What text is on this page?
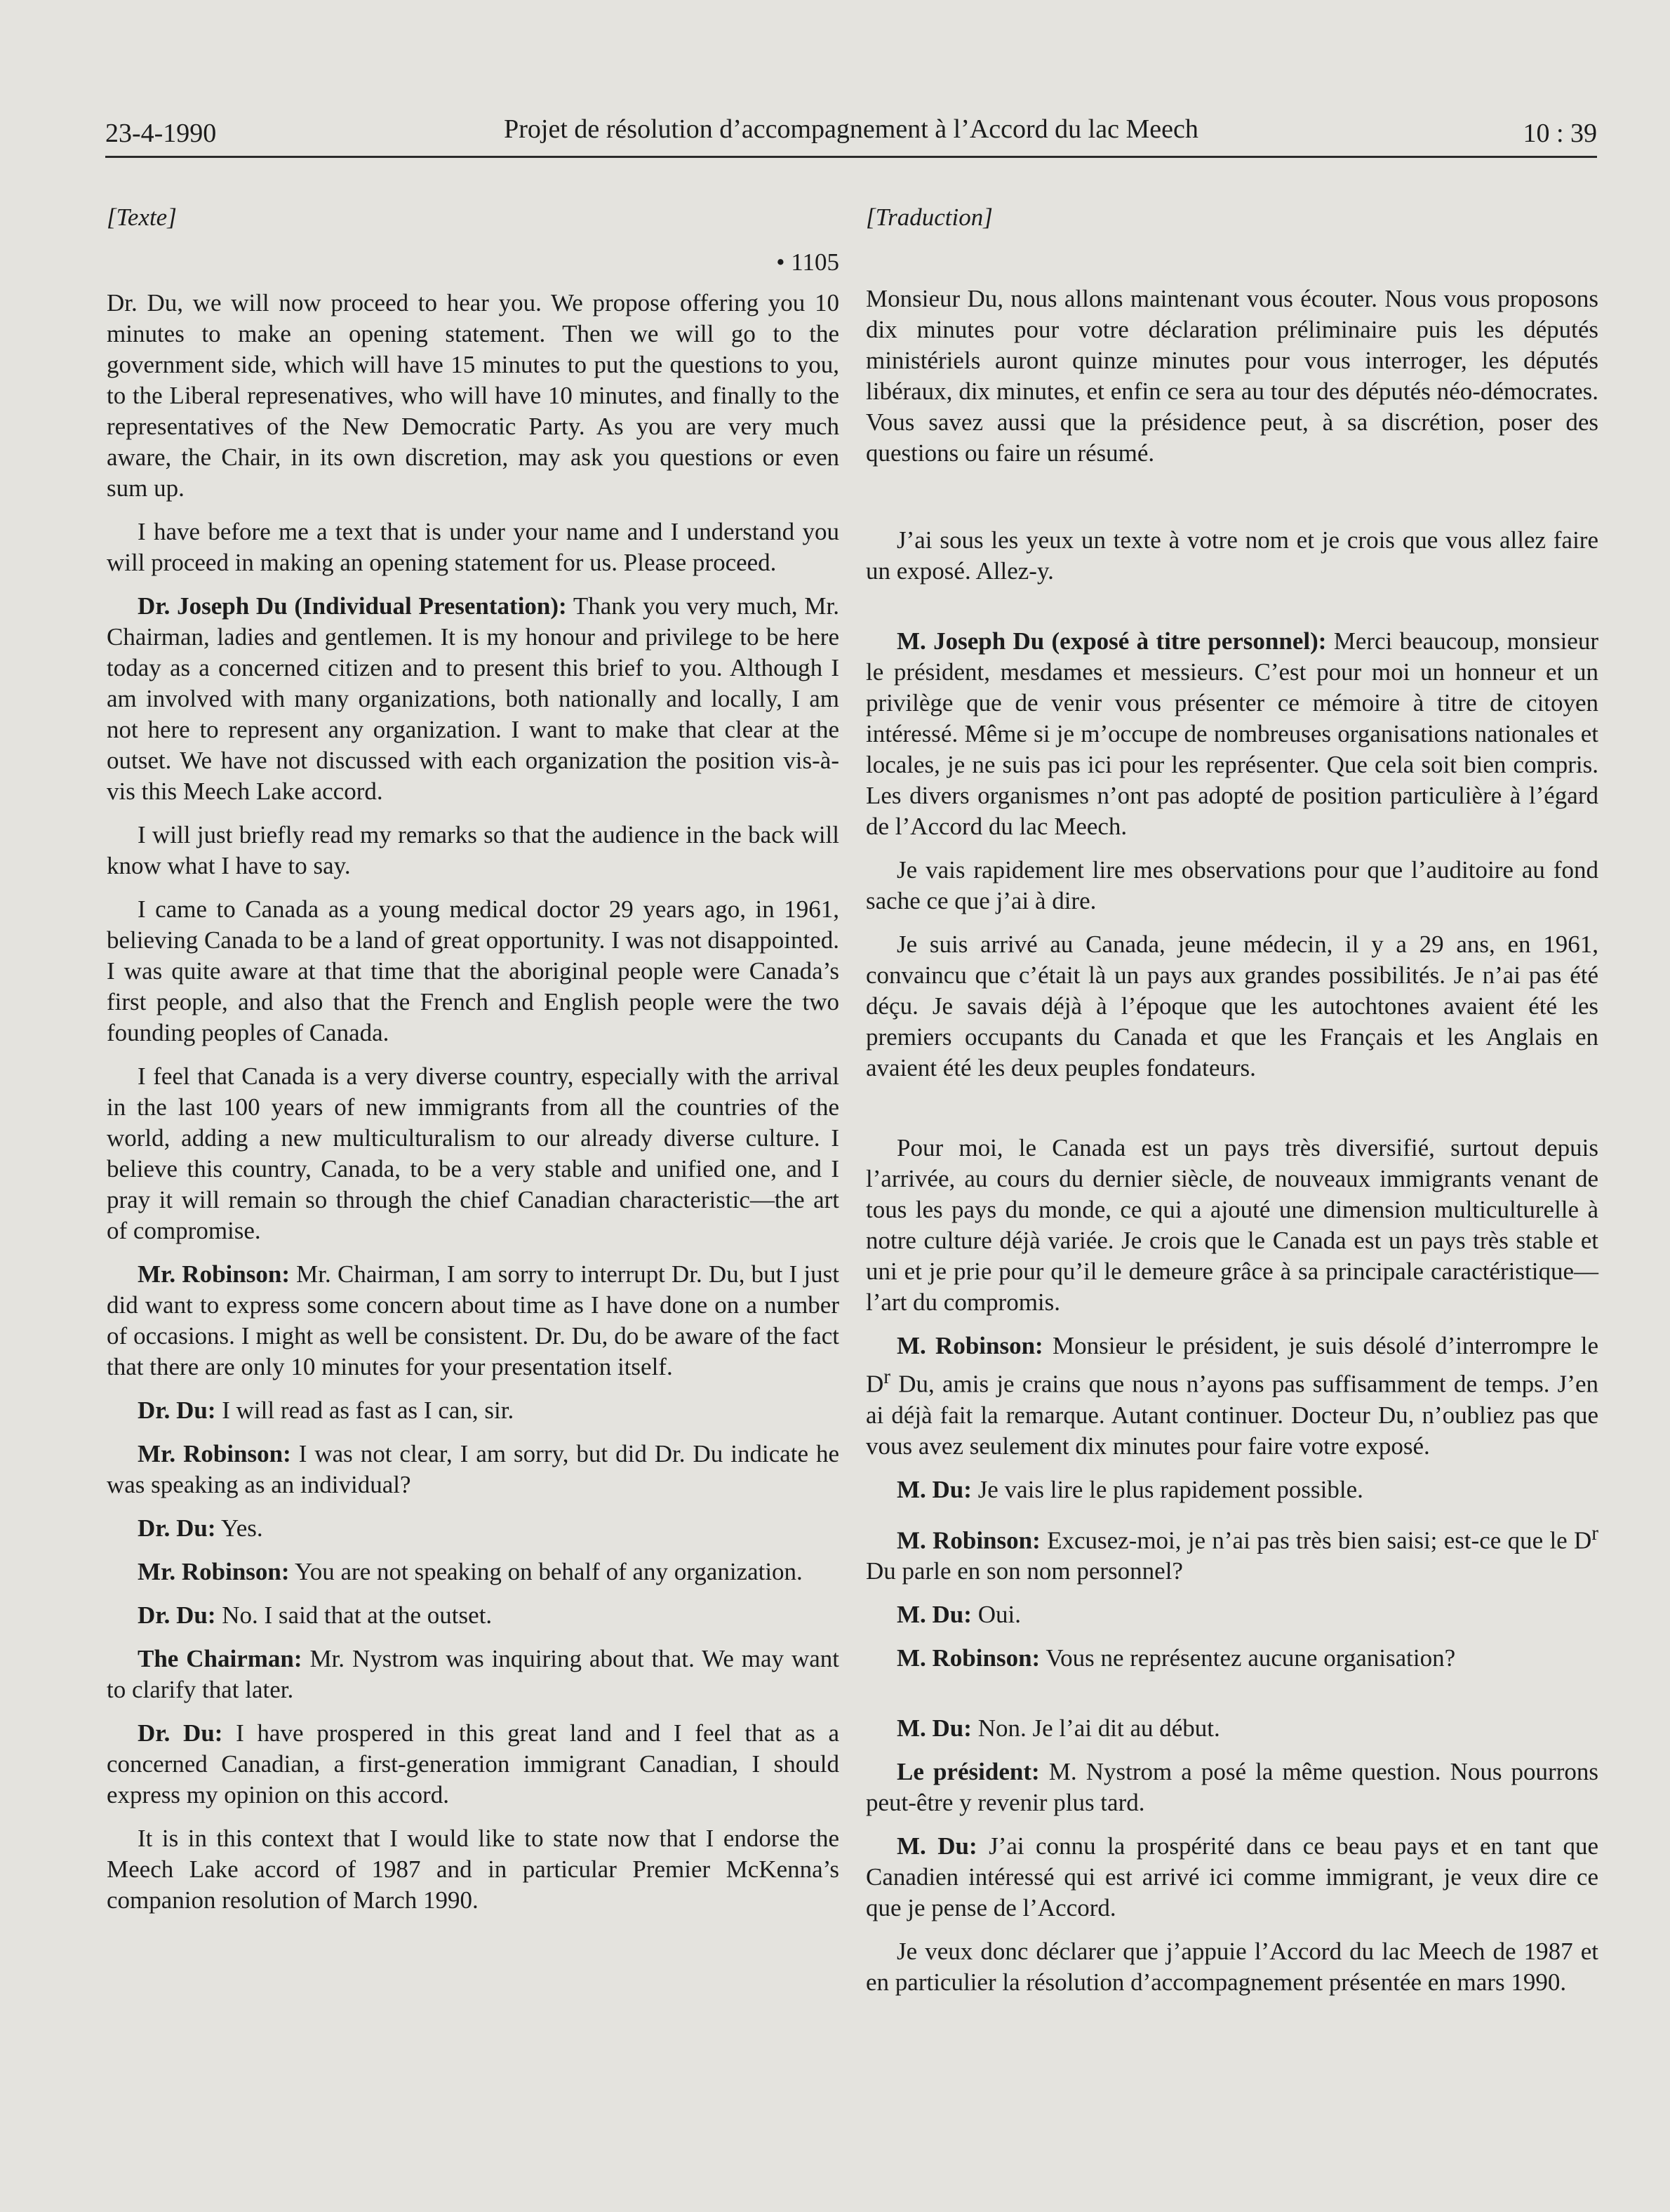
23-4-1990	Projet de résolution d’accompagnement à l’Accord du lac Meech	10 : 39
[Texte]
• 1105

Dr. Du, we will now proceed to hear you. We propose offering you 10 minutes to make an opening statement. Then we will go to the government side, which will have 15 minutes to put the questions to you, to the Liberal represenatives, who will have 10 minutes, and finally to the representatives of the New Democratic Party. As you are very much aware, the Chair, in its own discretion, may ask you questions or even sum up.

I have before me a text that is under your name and I understand you will proceed in making an opening statement for us. Please proceed.

Dr. Joseph Du (Individual Presentation): Thank you very much, Mr. Chairman, ladies and gentlemen. It is my honour and privilege to be here today as a concerned citizen and to present this brief to you. Although I am involved with many organizations, both nationally and locally, I am not here to represent any organization. I want to make that clear at the outset. We have not discussed with each organization the position vis-à-vis this Meech Lake accord.

I will just briefly read my remarks so that the audience in the back will know what I have to say.

I came to Canada as a young medical doctor 29 years ago, in 1961, believing Canada to be a land of great opportunity. I was not disappointed. I was quite aware at that time that the aboriginal people were Canada’s first people, and also that the French and English people were the two founding peoples of Canada.

I feel that Canada is a very diverse country, especially with the arrival in the last 100 years of new immigrants from all the countries of the world, adding a new multiculturalism to our already diverse culture. I believe this country, Canada, to be a very stable and unified one, and I pray it will remain so through the chief Canadian characteristic—the art of compromise.

Mr. Robinson: Mr. Chairman, I am sorry to interrupt Dr. Du, but I just did want to express some concern about time as I have done on a number of occasions. I might as well be consistent. Dr. Du, do be aware of the fact that there are only 10 minutes for your presentation itself.

Dr. Du: I will read as fast as I can, sir.

Mr. Robinson: I was not clear, I am sorry, but did Dr. Du indicate he was speaking as an individual?

Dr. Du: Yes.

Mr. Robinson: You are not speaking on behalf of any organization.

Dr. Du: No. I said that at the outset.

The Chairman: Mr. Nystrom was inquiring about that. We may want to clarify that later.

Dr. Du: I have prospered in this great land and I feel that as a concerned Canadian, a first-generation immigrant Canadian, I should express my opinion on this accord.

It is in this context that I would like to state now that I endorse the Meech Lake accord of 1987 and in particular Premier McKenna’s companion resolution of March 1990.

[Traduction]

Monsieur Du, nous allons maintenant vous écouter. Nous vous proposons dix minutes pour votre déclaration préliminaire puis les députés ministériels auront quinze minutes pour vous interroger, les députés libéraux, dix minutes, et enfin ce sera au tour des députés néo-démocrates. Vous savez aussi que la présidence peut, à sa discrétion, poser des questions ou faire un résumé.

J’ai sous les yeux un texte à votre nom et je crois que vous allez faire un exposé. Allez-y.

M. Joseph Du (exposé à titre personnel): Merci beaucoup, monsieur le président, mesdames et messieurs. C’est pour moi un honneur et un privilège que de venir vous présenter ce mémoire à titre de citoyen intéressé. Même si je m’occupe de nombreuses organisations nationales et locales, je ne suis pas ici pour les représenter. Que cela soit bien compris. Les divers organismes n’ont pas adopté de position particulière à l’égard de l’Accord du lac Meech.

Je vais rapidement lire mes observations pour que l’auditoire au fond sache ce que j’ai à dire.

Je suis arrivé au Canada, jeune médecin, il y a 29 ans, en 1961, convaincu que c’était là un pays aux grandes possibilités. Je n’ai pas été déçu. Je savais déjà à l’époque que les autochtones avaient été les premiers occupants du Canada et que les Français et les Anglais en avaient été les deux peuples fondateurs.

Pour moi, le Canada est un pays très diversifié, surtout depuis l’arrivée, au cours du dernier siècle, de nouveaux immigrants venant de tous les pays du monde, ce qui a ajouté une dimension multiculturelle à notre culture déjà variée. Je crois que le Canada est un pays très stable et uni et je prie pour qu’il le demeure grâce à sa principale caractéristique—l’art du compromis.

M. Robinson: Monsieur le président, je suis désolé d’interrompre le $D^r$ Du, amis je crains que nous n’ayons pas suffisamment de temps. J’en ai déjà fait la remarque. Autant continuer. Docteur Du, n’oubliez pas que vous avez seulement dix minutes pour faire votre exposé.

M. Du: Je vais lire le plus rapidement possible.

M. Robinson: Excusez-moi, je n’ai pas très bien saisi; est-ce que le $D^r$ Du parle en son nom personnel?

M. Du: Oui.

M. Robinson: Vous ne représentez aucune organisation?

M. Du: Non. Je l’ai dit au début.

Le président: M. Nystrom a posé la même question. Nous pourrons peut-être y revenir plus tard.

M. Du: J’ai connu la prospérité dans ce beau pays et en tant que Canadien intéressé qui est arrivé ici comme immigrant, je veux dire ce que je pense de l’Accord.

Je veux donc déclarer que j’appuie l’Accord du lac Meech de 1987 et en particulier la résolution d’accompagnement présentée en mars 1990.
